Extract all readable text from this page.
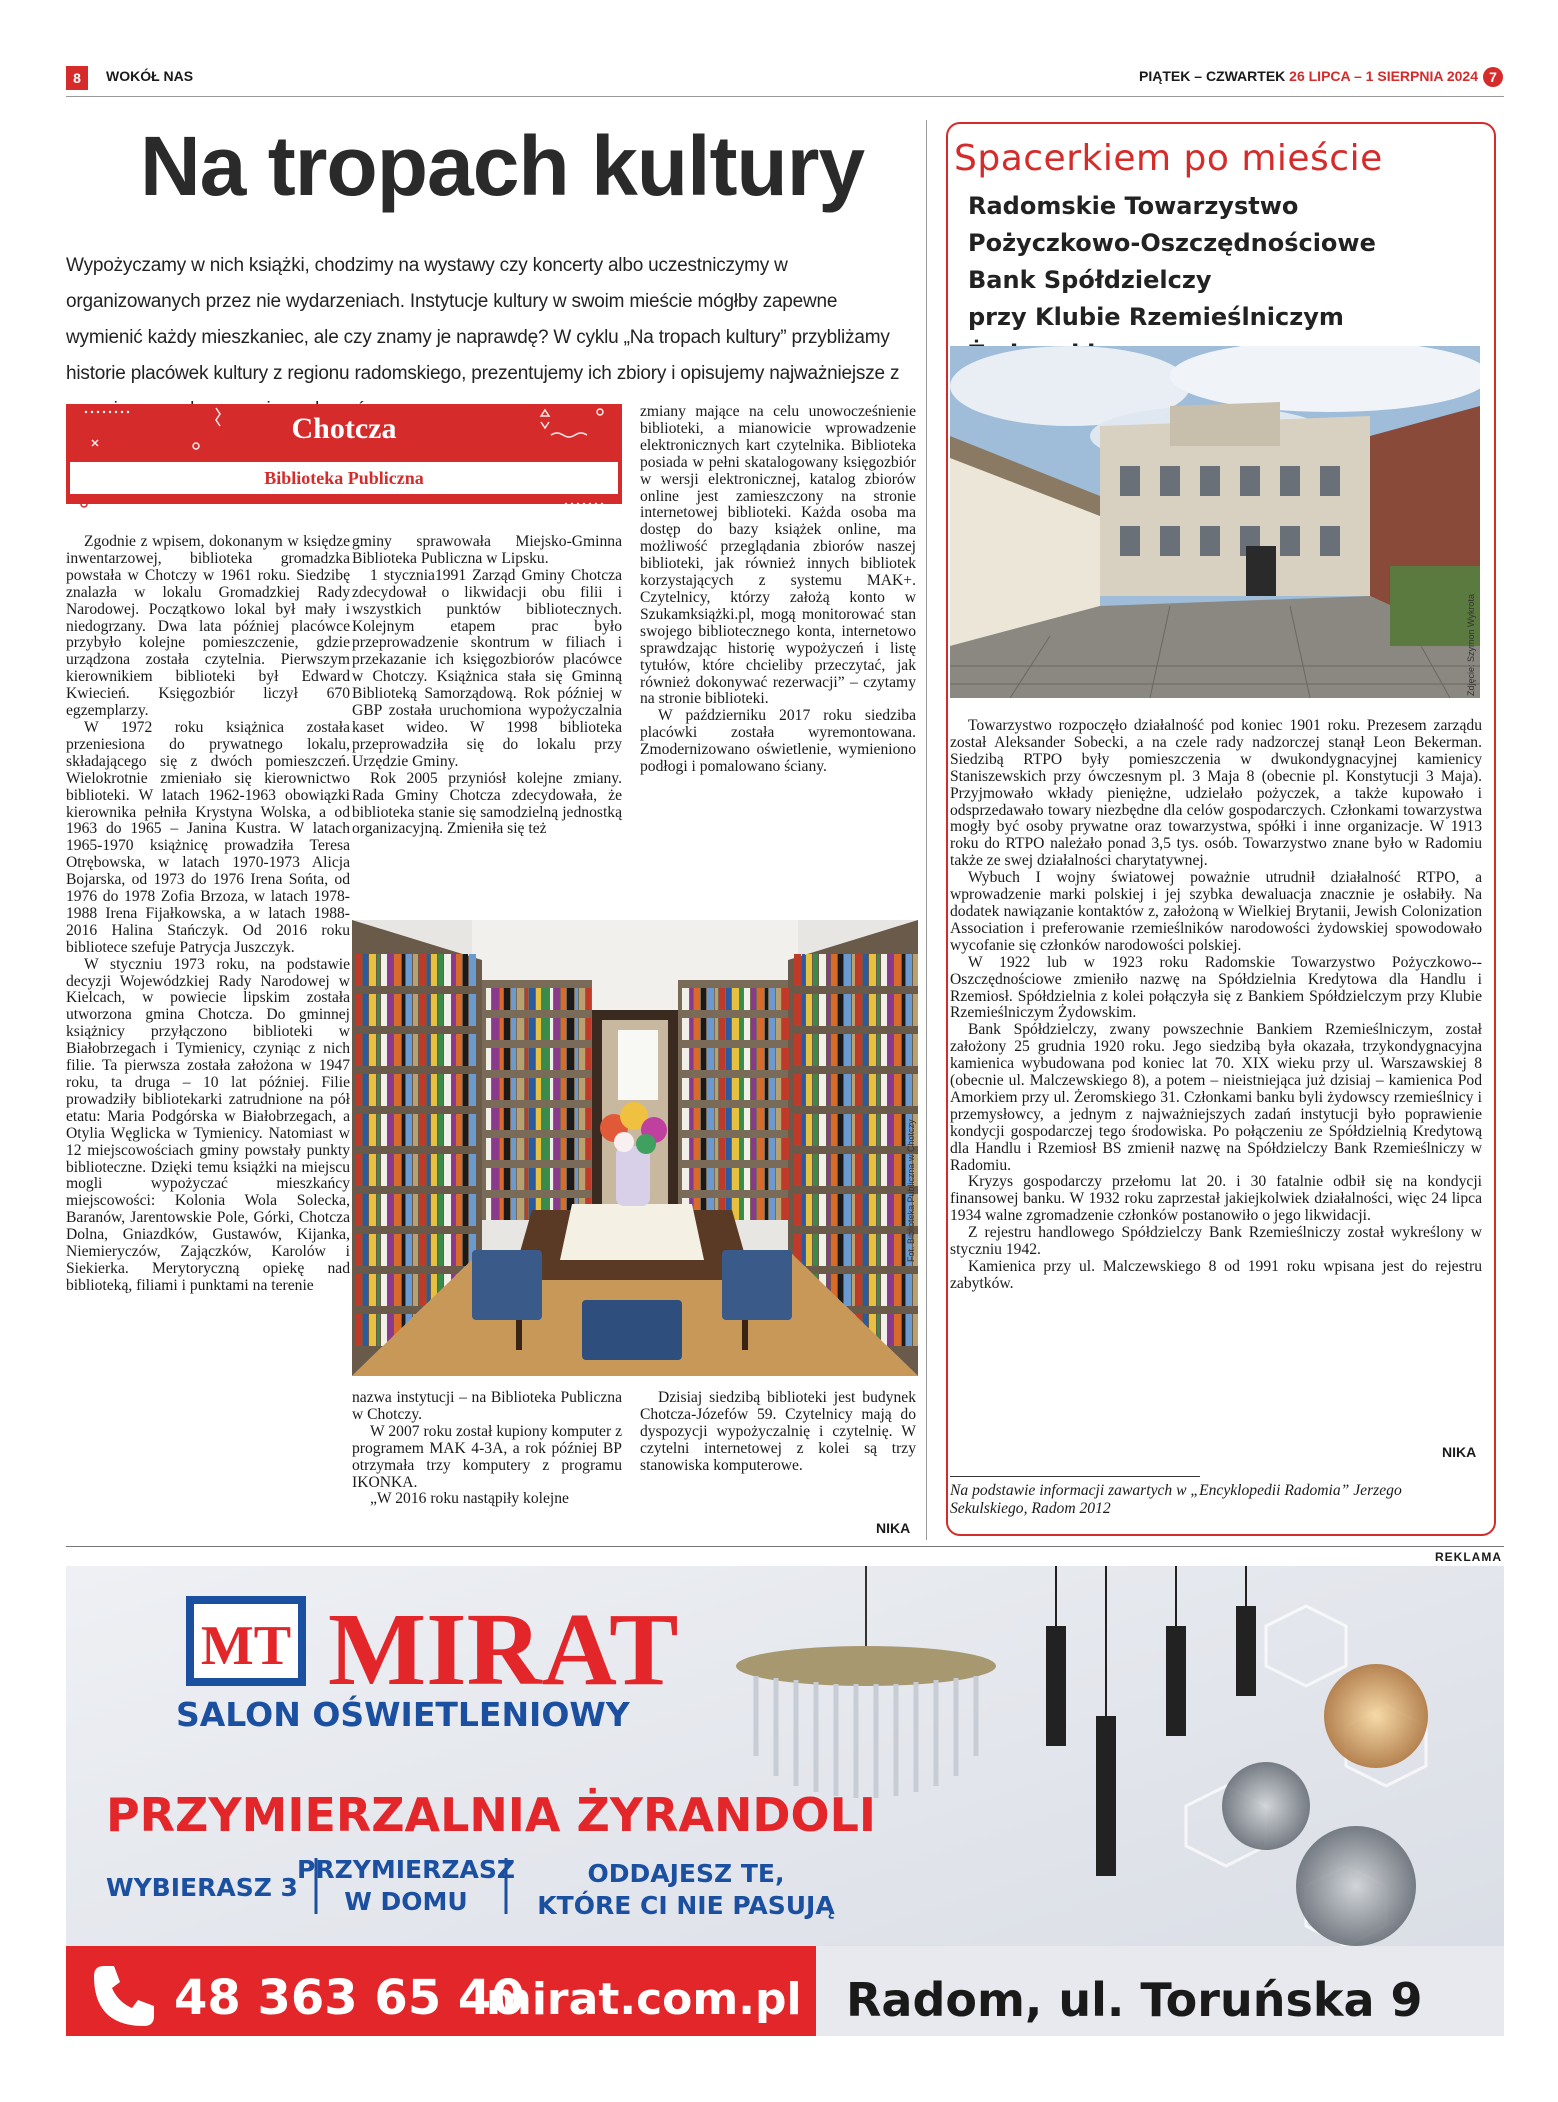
8	WOKÓŁ NAS	PIĄTEK – CZWARTEK 26 LIPCA – 1 SIERPNIA 2024 7
Na tropach kultury
Wypożyczamy w nich książki, chodzimy na wystawy czy koncerty albo uczestniczymy w organizowanych przez nie wydarzeniach. Instytucje kultury w swoim mieście mógłby zapewne wymienić każdy mieszkaniec, ale czy znamy je naprawdę? W cyklu „Na tropach kultury” przybliżamy historie placówek kultury z regionu radomskiego, prezentujemy ich zbiory i opisujemy najważniejsze z
Chotcza
Biblioteka Publiczna

Zgodnie z wpisem, dokonanym w księdze inwentarzowej, biblioteka gromadzka powstała w Chotczy w 1961 roku. Siedzibę znalazła w lokalu Gromadzkiej Rady Narodowej. Początkowo lokal był mały i niedogrzany. Dwa lata później placówce przybyło kolejne pomieszczenie, gdzie urządzona została czytelnia. Pierwszym kierownikiem biblioteki był Edward Kwiecień. Księgozbiór liczył 670 egzemplarzy.

W 1972 roku książnica została przeniesiona do prywatnego lokalu, składającego się z dwóch pomieszczeń. Wielokrotnie zmieniało się kierownictwo biblioteki. W latach 1962-1963 obowiązki kierownika pełniła Krystyna Wolska, a od 1963 do 1965 – Janina Kustra. W latach 1965-1970 książnicę prowadziła Teresa Otrębowska, w latach 1970-1973 Alicja Bojarska, od 1973 do 1976 Irena Sońta, od 1976 do 1978 Zofia Brzoza, w latach 1978-1988 Irena Fijałkowska, a w latach 1988-2016 Halina Stańczyk. Od 2016 roku bibliotece szefuje Patrycja Juszczyk.

W styczniu 1973 roku, na podstawie decyzji Wojewódzkiej Rady Narodowej w Kielcach, w powiecie lipskim została utworzona gmina Chotcza. Do gminnej książnicy przyłączono biblioteki w Białobrzegach i Tymienicy, czyniąc z nich filie. Ta pierwsza została założona w 1947 roku, ta druga – 10 lat później. Filie prowadziły bibliotekarki zatrudnione na pół etatu: Maria Podgórska w Białobrzegach, a Otylia Węglicka w Tymienicy. Natomiast w 12 miejscowościach gminy powstały punkty biblioteczne. Dzięki temu książki na miejscu mogli wypożyczać mieszkańcy miejscowości: Kolonia Wola Solecka, Baranów, Jarentowskie Pole, Górki, Chotcza Dolna, Gniazdków, Gustawów, Kijanka, Niemieryczów, Zajączków, Karolów i Siekierka. Merytoryczną opiekę nad biblioteką, filiami i punktami na terenie

gminy sprawowała Miejsko-Gminna Biblioteka Publiczna w Lipsku.

1 stycznia1991 Zarząd Gminy Chotcza zdecydował o likwidacji obu filii i wszystkich punktów bibliotecznych. Kolejnym etapem prac było przeprowadzenie skontrum w filiach i przekazanie ich księgozbiorów placówce w Chotczy. Książnica stała się Gminną Biblioteką Samorządową. Rok później w GBP została uruchomiona wypożyczalnia kaset wideo. W 1998 biblioteka przeprowadziła się do lokalu przy Urzędzie Gminy.

Rok 2005 przyniósł kolejne zmiany. Rada Gminy Chotcza zdecydowała, że biblioteka stanie się samodzielną jednostką organizacyjną. Zmieniła się też

zmiany mające na celu unowocześnienie biblioteki, a mianowicie wprowadzenie elektronicznych kart czytelnika. Biblioteka posiada w pełni skatalogowany księgozbiór w wersji elektronicznej, katalog zbiorów online jest zamieszczony na stronie internetowej biblioteki. Każda osoba ma dostęp do bazy książek online, ma możliwość przeglądania zbiorów naszej biblioteki, jak również innych bibliotek korzystających z systemu MAK+. Czytelnicy, którzy założą konto w Szukamksiążki.pl, mogą monitorować stan swojego bibliotecznego konta, internetowo sprawdzając historię wypożyczeń i listę tytułów, które chcieliby przeczytać, jak również dokonywać rezerwacji” – czytamy na stronie biblioteki.

W październiku 2017 roku siedziba placówki została wyremontowana. Zmodernizowano oświetlenie, wymieniono podłogi i pomalowano ściany.

Fot. Biblioteka Publiczna w Chotczy

nazwa instytucji – na Biblioteka Publiczna w Chotczy.

W 2007 roku został kupiony komputer z programem MAK 4-3A, a rok później BP otrzymała trzy komputery z programu IKONKA.

„W 2016 roku nastąpiły kolejne

Dzisiaj siedzibą biblioteki jest budynek Chotcza-Józefów 59. Czytelnicy mają do dyspozycji wypożyczalnię i czytelnię. W czytelni internetowej z kolei są trzy stanowiska komputerowe.

NIKA
Spacerkiem po mieście
Radomskie Towarzystwo
Pożyczkowo-Oszczędnościowe
Bank Spółdzielczy
przy Klubie Rzemieślniczym
Zdjęcie: Szymon Wykrota

Towarzystwo rozpoczęło działalność pod koniec 1901 roku. Prezesem zarządu został Aleksander Sobecki, a na czele rady nadzorczej stanął Leon Bekerman. Siedzibą RTPO były pomieszczenia w dwukondygnacyjnej kamienicy Staniszewskich przy ówczesnym pl. 3 Maja 8 (obecnie pl. Konstytucji 3 Maja). Przyjmowało wkłady pieniężne, udzielało pożyczek, a także kupowało i odsprzedawało towary niezbędne dla celów gospodarczych. Członkami towarzystwa mogły być osoby prywatne oraz towarzystwa, spółki i inne organizacje. W 1913 roku do RTPO należało ponad 3,5 tys. osób. Towarzystwo znane było w Radomiu także ze swej działalności charytatywnej.

Wybuch I wojny światowej poważnie utrudnił działalność RTPO, a wprowadzenie marki polskiej i jej szybka dewaluacja znacznie je osłabiły. Na dodatek nawiązanie kontaktów z, założoną w Wielkiej Brytanii, Jewish Colonization Association i preferowanie rzemieślników narodowości żydowskiej spowodowało wycofanie się członków narodowości polskiej.

W 1922 lub w 1923 roku Radomskie Towarzystwo Pożyczkowo--Oszczędnościowe zmieniło nazwę na Spółdzielnia Kredytowa dla Handlu i Rzemiosł. Spółdzielnia z kolei połączyła się z Bankiem Spółdzielczym przy Klubie Rzemieślniczym Żydowskim.

Bank Spółdzielczy, zwany powszechnie Bankiem Rzemieślniczym, został założony 25 grudnia 1920 roku. Jego siedzibą była okazała, trzykondygnacyjna kamienica wybudowana pod koniec lat 70. XIX wieku przy ul. Warszawskiej 8 (obecnie ul. Malczewskiego 8), a potem – nieistniejąca już dzisiaj – kamienica Pod Amorkiem przy ul. Żeromskiego 31. Członkami banku byli żydowscy rzemieślnicy i przemysłowcy, a jednym z najważniejszych zadań instytucji było poprawienie kondycji gospodarczej tego środowiska. Po połączeniu ze Spółdzielnią Kredytową dla Handlu i Rzemiosł BS zmienił nazwę na Spółdzielczy Bank Rzemieślniczy w Radomiu.

Kryzys gospodarczy przełomu lat 20. i 30 fatalnie odbił się na kondycji finansowej banku. W 1932 roku zaprzestał jakiejkolwiek działalności, więc 24 lipca 1934 walne zgromadzenie członków postanowiło o jego likwidacji.

Z rejestru handlowego Spółdzielczy Bank Rzemieślniczy został wykreślony w styczniu 1942.

Kamienica przy ul. Malczewskiego 8 od 1991 roku wpisana jest do rejestru zabytków.

NIKA
Na podstawie informacji zawartych w „Encyklopedii Radomia” Jerzego Sekulskiego, Radom 2012
REKLAMA
MT MIRAT
SALON OŚWIETLENIOWY
PRZYMIERZALNIA ŻYRANDOLI
WYBIERASZ 3
PRZYMIERZASZ
W DOMU
ODDAJESZ TE,
KTÓRE CI NIE PASUJĄ
48 363 65 40
mirat.com.pl Radom, ul. Toruńska 9
